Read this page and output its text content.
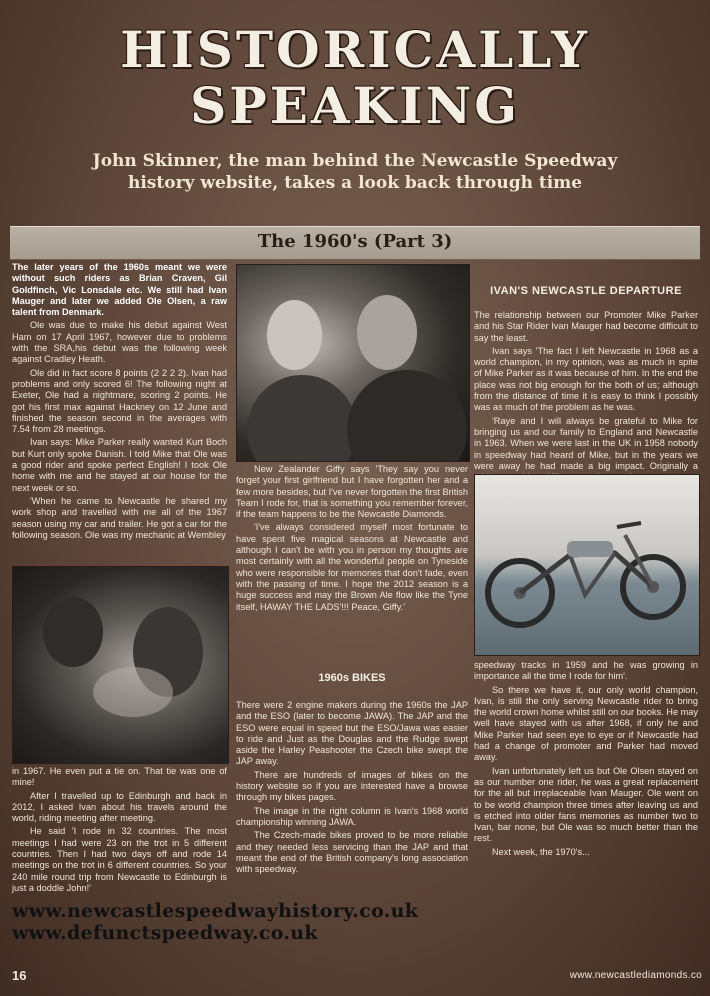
HISTORICALLY
SPEAKING
John Skinner, the man behind the Newcastle Speedway history website, takes a look back through time
The 1960's (Part 3)

The later years of the 1960s meant we were without such riders as Brian Craven, Gil Goldfinch, Vic Lonsdale etc. We still had Ivan Mauger and later we added Ole Olsen, a raw talent from Denmark.

Ole was due to make his debut against West Ham on 17 April 1967, however due to problems with the SRA,his debut was the following week against Cradley Heath.

Ole did in fact score 8 points (2 2 2 2). Ivan had problems and only scored 6! The following night at Exeter, Ole had a nightmare, scoring 2 points. He got his first max against Hackney on 12 June and finished the season second in the averages with 7.54 from 28 meetings.

Ivan says: Mike Parker really wanted Kurt Boch but Kurt only spoke Danish. I told Mike that Ole was a good rider and spoke perfect English! I took Ole home with me and he stayed at our house for the next week or so.

'When he came to Newcastle he shared my work shop and travelled with me all of the 1967 season using my car and trailer. He got a car for the following season. Ole was my mechanic at Wembley

in 1967. He even put a tie on. That tie was one of mine!

After I travelled up to Edinburgh and back in 2012, I asked Ivan about his travels around the world, riding meeting after meeting.

He said 'I rode in 32 countries. The most meetings I had were 23 on the trot in 5 different countries. Then I had two days off and rode 14 meetings on the trot in 6 different countries. So your 240 mile round trip from Newcastle to Edinburgh is just a doddle John!'

New Zealander Giffy says 'They say you never forget your first girlfriend but I have forgotten her and a few more besides, but I've never forgotten the first British Team I rode for, that is something you remember forever, if the team happens to be the Newcastle Diamonds.

'I've always considered myself most fortunate to have spent five magical seasons at Newcastle and although I can't be with you in person my thoughts are most certainly with all the wonderful people on Tyneside who were responsible for memories that don't fade, even with the passing of time. I hope the 2012 season is a huge success and may the Brown Ale flow like the Tyne itself, HAWAY THE LADS'!!! Peace, Giffy.'

1960s BIKES

There were 2 engine makers during the 1960s the JAP and the ESO (later to become JAWA). The JAP and the ESO were equal in speed but the ESO/Jawa was easier to ride and Just as the Douglas and the Rudge swept aside the Harley Peashooter the Czech bike swept the JAP away.

There are hundreds of images of bikes on the history website so if you are interested have a browse through my bikes pages.

The image in the right column is Ivan's 1968 world championship winning JAWA.

The Czech-made bikes proved to be more reliable and they needed less servicing than the JAP and that meant the end of the British company's long association with speedway.

IVAN'S NEWCASTLE DEPARTURE

The relationship between our Promoter Mike Parker and his Star Rider Ivan Mauger had become difficult to say the least.

Ivan says 'The fact I left Newcastle in 1968 as a world champion, in my opinion, was as much in spite of Mike Parker as it was because of him. In the end the place was not big enough for the both of us; although from the distance of time it is easy to think I possibly was as much of the problem as he was.

'Raye and I will always be grateful to Mike for bringing us and our family to England and Newcastle in 1963. When we were last in the UK in 1958 nobody in speedway had heard of Mike, but in the years we were away he had made a big impact. Originally a

speedway tracks in 1959 and he was growing in importance all the time I rode for him'.

So there we have it, our only world champion, Ivan, is still the only serving Newcastle rider to bring the world crown home whilst still on our books. He may well have stayed with us after 1968, if only he and Mike Parker had seen eye to eye or if Newcastle had had a change of promoter and Parker had moved away.

Ivan unfortunately left us but Ole Olsen stayed on as our number one rider, he was a great replacement for the all but irreplaceable Ivan Mauger. Ole went on to be world champion three times after leaving us and is etched into older fans memories as number two to Ivan, bar none, but Ole was so much better than the rest.

Next week, the 1970's...

www.newcastlespeedwayhistory.co.uk
www.defunctspeedway.co.uk
16	www.newcastlediamonds.co
